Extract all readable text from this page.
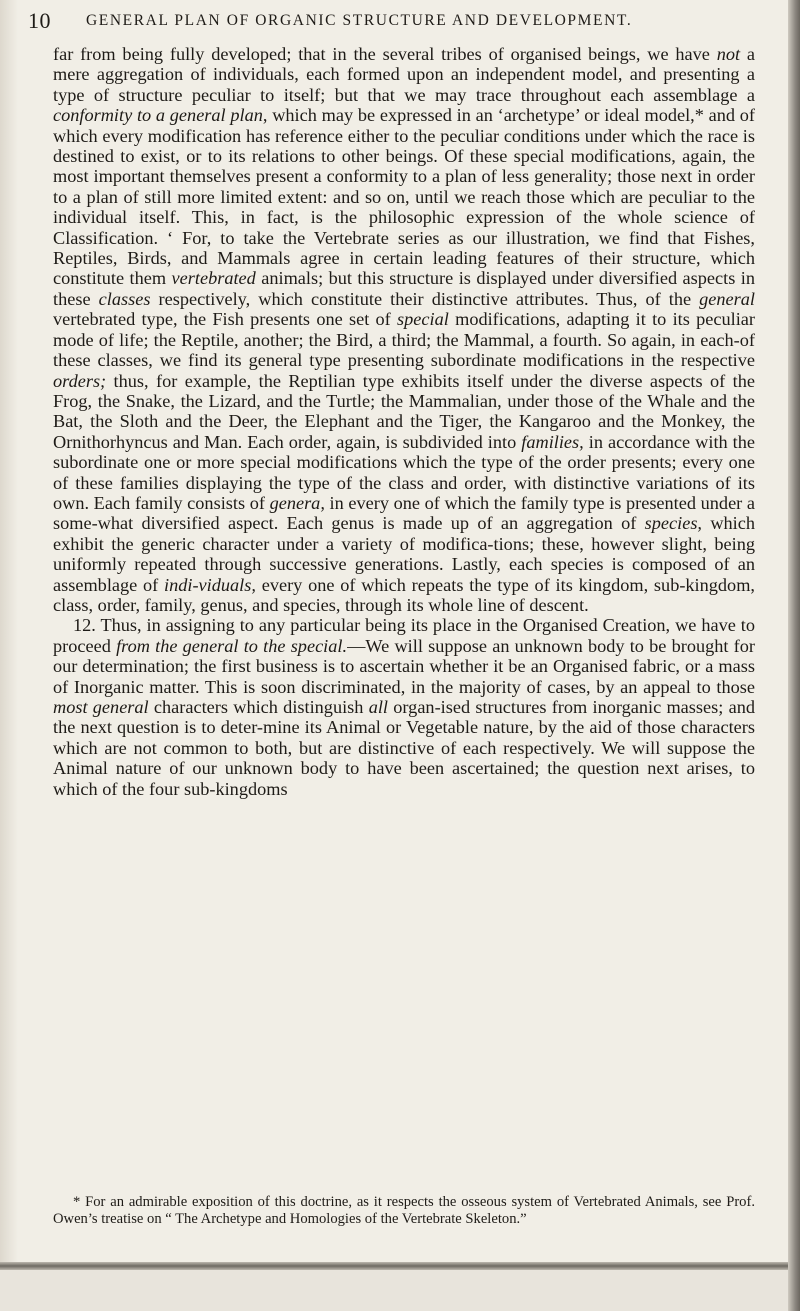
10 GENERAL PLAN OF ORGANIC STRUCTURE AND DEVELOPMENT.

far from being fully developed; that in the several tribes of organised beings, we have not a mere aggregation of individuals, each formed upon an independent model, and presenting a type of structure peculiar to itself; but that we may trace throughout each assemblage a conformity to a general plan, which may be expressed in an ‘archetype’ or ideal model,* and of which every modification has reference either to the peculiar conditions under which the race is destined to exist, or to its relations to other beings. Of these special modifications, again, the most important themselves present a conformity to a plan of less generality; those next in order to a plan of still more limited extent: and so on, until we reach those which are peculiar to the individual itself. This, in fact, is the philosophic expression of the whole science of Classification. ‘ For, to take the Vertebrate series as our illustration, we find that Fishes, Reptiles, Birds, and Mammals agree in certain leading features of their structure, which constitute them vertebrated animals; but this structure is displayed under diversified aspects in these classes respectively, which constitute their distinctive attributes. Thus, of the general vertebrated type, the Fish presents one set of special modifications, adapting it to its peculiar mode of life; the Reptile, another; the Bird, a third; the Mammal, a fourth. So again, in each-of these classes, we find its general type presenting subordinate modifications in the respective orders; thus, for example, the Reptilian type exhibits itself under the diverse aspects of the Frog, the Snake, the Lizard, and the Turtle; the Mammalian, under those of the Whale and the Bat, the Sloth and the Deer, the Elephant and the Tiger, the Kangaroo and the Monkey, the Ornithorhyncus and Man. Each order, again, is subdivided into families, in accordance with the subordinate one or more special modifications which the type of the order presents; every one of these families displaying the type of the class and order, with distinctive variations of its own. Each family consists of genera, in every one of which the family type is presented under a some-what diversified aspect. Each genus is made up of an aggregation of species, which exhibit the generic character under a variety of modifica-tions; these, however slight, being uniformly repeated through successive generations. Lastly, each species is composed of an assemblage of indi-viduals, every one of which repeats the type of its kingdom, sub-kingdom, class, order, family, genus, and species, through its whole line of descent.

12. Thus, in assigning to any particular being its place in the Organised Creation, we have to proceed from the general to the special.—We will suppose an unknown body to be brought for our determination; the first business is to ascertain whether it be an Organised fabric, or a mass of Inorganic matter. This is soon discriminated, in the majority of cases, by an appeal to those most general characters which distinguish all organ-ised structures from inorganic masses; and the next question is to deter-mine its Animal or Vegetable nature, by the aid of those characters which are not common to both, but are distinctive of each respectively. We will suppose the Animal nature of our unknown body to have been ascertained; the question next arises, to which of the four sub-kingdoms

* For an admirable exposition of this doctrine, as it respects the osseous system of Vertebrated Animals, see Prof. Owen’s treatise on “ The Archetype and Homologies of the Vertebrate Skeleton.”
